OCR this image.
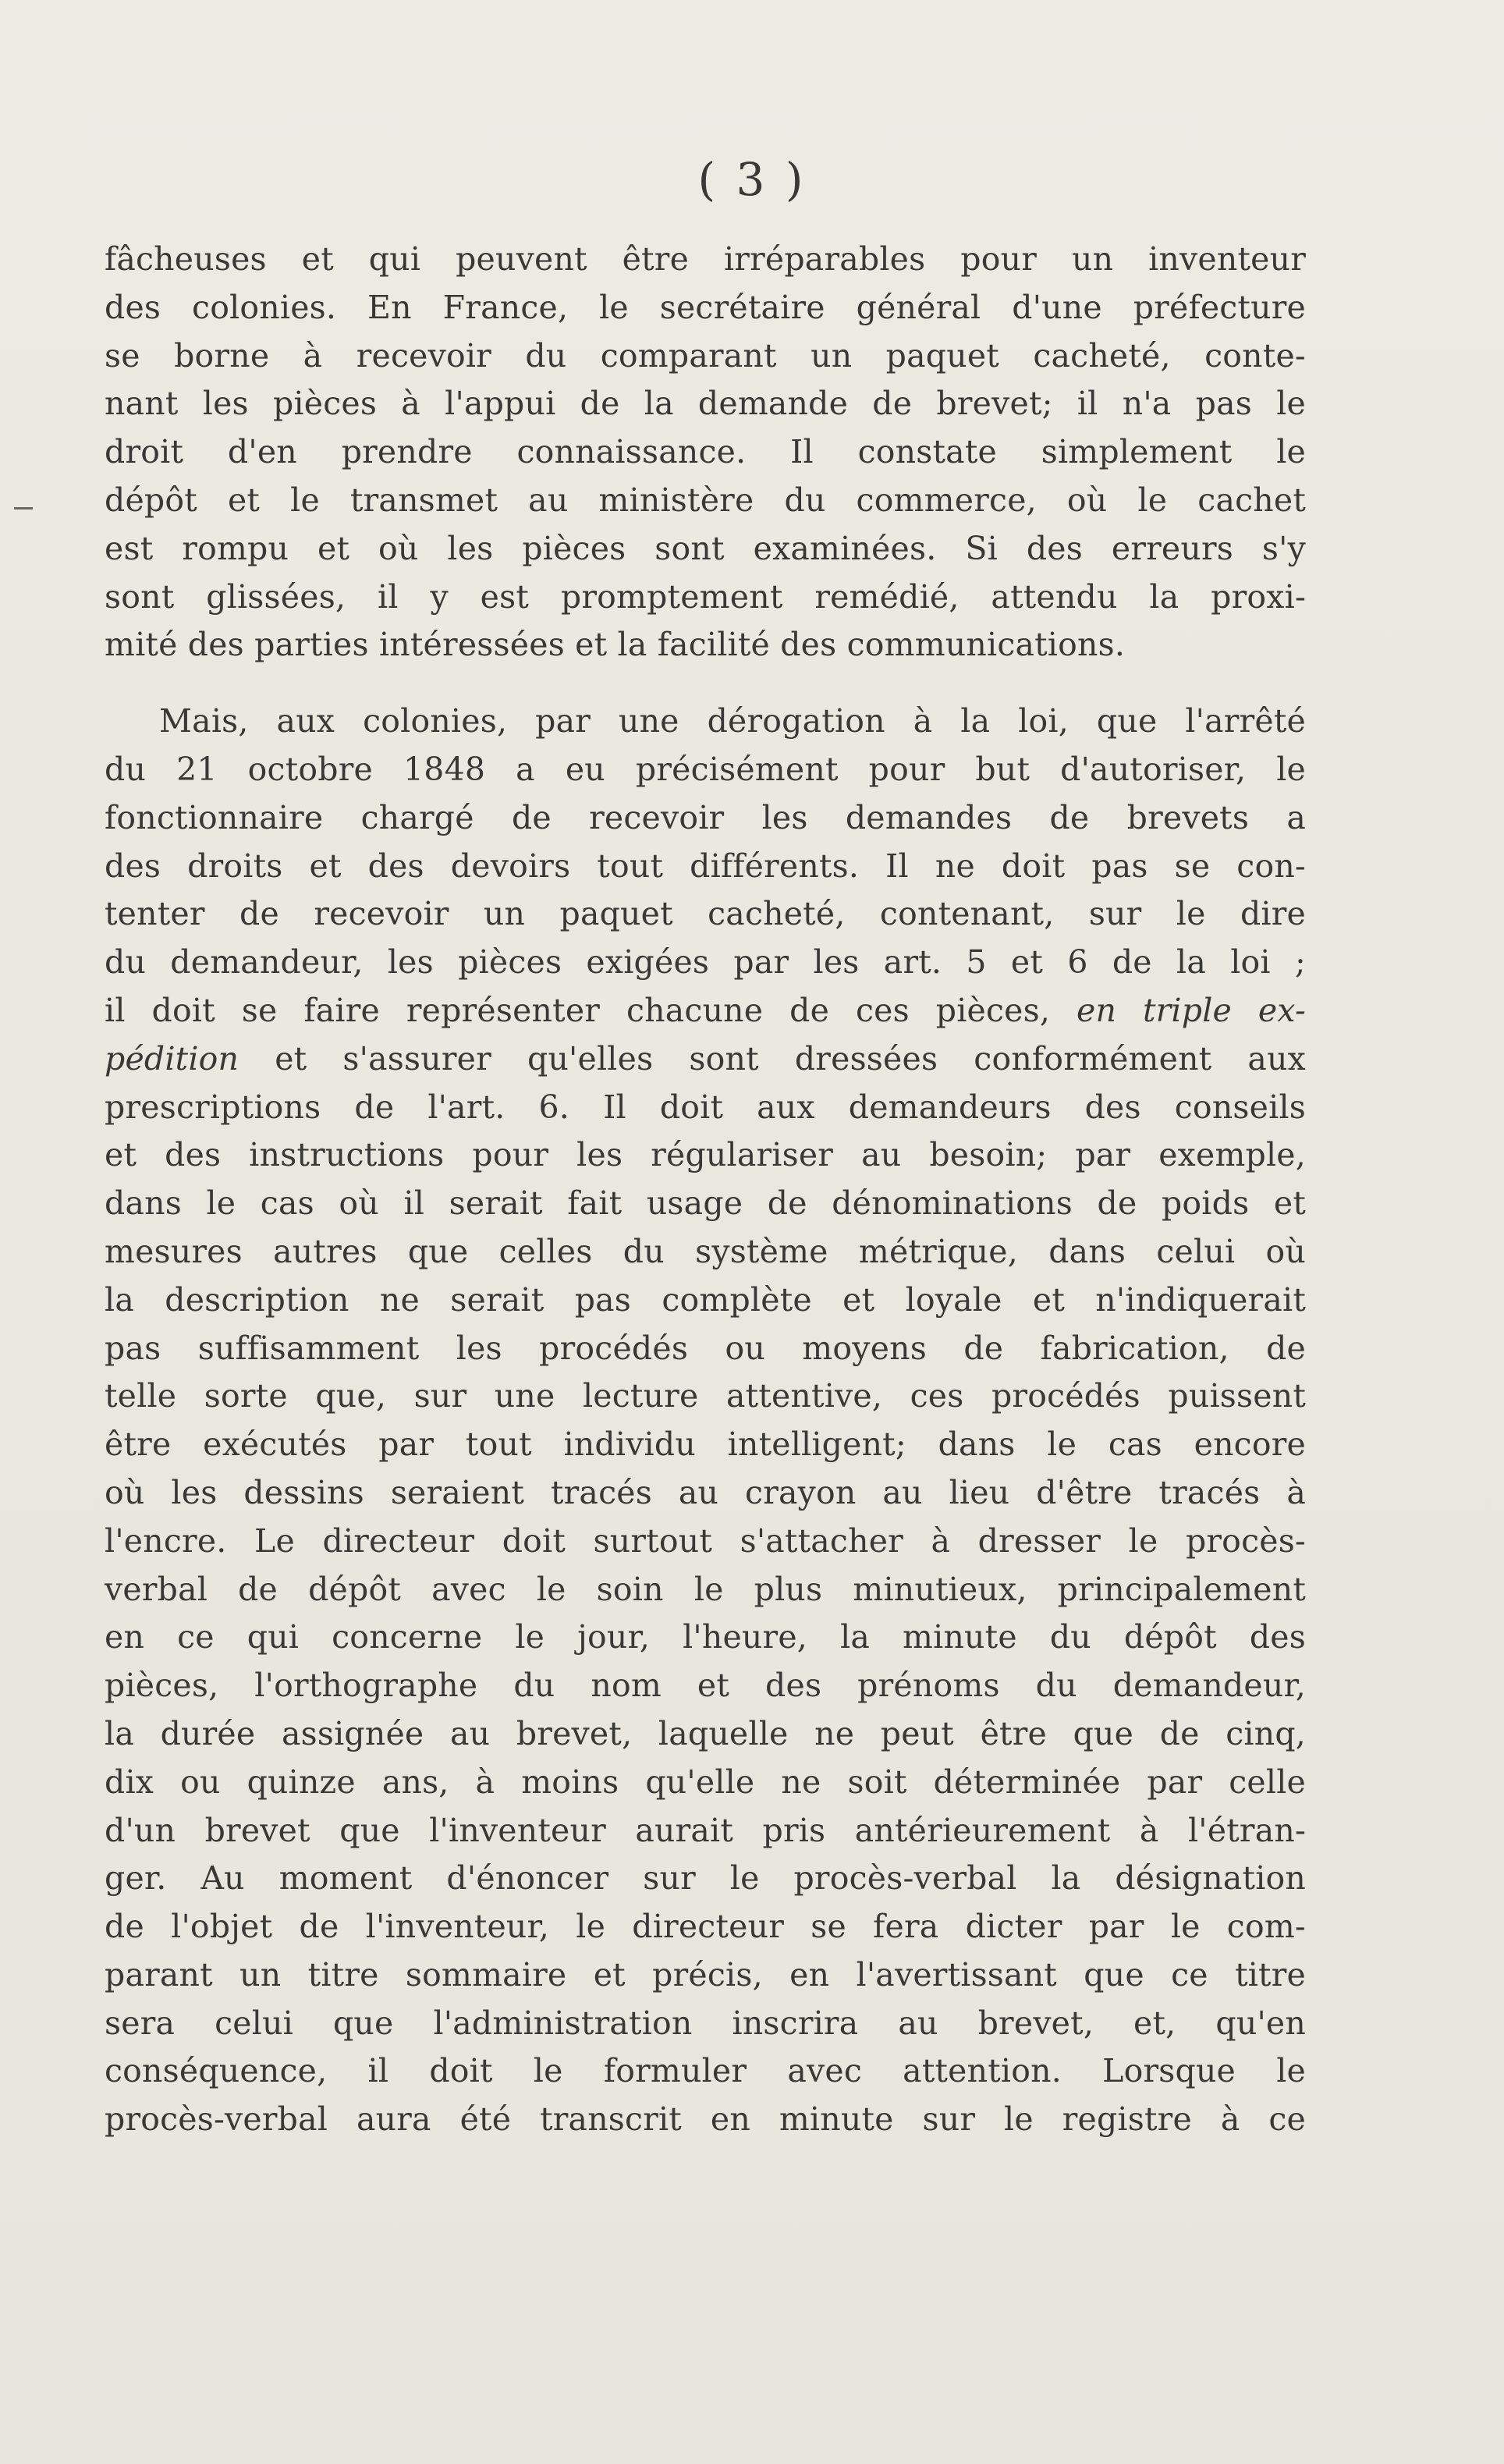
( 3 )
fâcheuses et qui peuvent être irréparables pour un inventeur
des colonies. En France, le secrétaire général d'une préfecture
se borne à recevoir du comparant un paquet cacheté, conte-
nant les pièces à l'appui de la demande de brevet; il n'a pas le
droit d'en prendre connaissance. Il constate simplement le
dépôt et le transmet au ministère du commerce, où le cachet
est rompu et où les pièces sont examinées. Si des erreurs s'y
sont glissées, il y est promptement remédié, attendu la proxi-
mité des parties intéressées et la facilité des communications.
Mais, aux colonies, par une dérogation à la loi, que l'arrêté
du 21 octobre 1848 a eu précisément pour but d'autoriser, le
fonctionnaire chargé de recevoir les demandes de brevets a
des droits et des devoirs tout différents. Il ne doit pas se con-
tenter de recevoir un paquet cacheté, contenant, sur le dire
du demandeur, les pièces exigées par les art. 5 et 6 de la loi ;
il doit se faire représenter chacune de ces pièces, en triple ex-
pédition et s'assurer qu'elles sont dressées conformément aux
prescriptions de l'art. 6. Il doit aux demandeurs des conseils
et des instructions pour les régulariser au besoin; par exemple,
dans le cas où il serait fait usage de dénominations de poids et
mesures autres que celles du système métrique, dans celui où
la description ne serait pas complète et loyale et n'indiquerait
pas suffisamment les procédés ou moyens de fabrication, de
telle sorte que, sur une lecture attentive, ces procédés puissent
être exécutés par tout individu intelligent; dans le cas encore
où les dessins seraient tracés au crayon au lieu d'être tracés à
l'encre. Le directeur doit surtout s'attacher à dresser le procès-
verbal de dépôt avec le soin le plus minutieux, principalement
en ce qui concerne le jour, l'heure, la minute du dépôt des
pièces, l'orthographe du nom et des prénoms du demandeur,
la durée assignée au brevet, laquelle ne peut être que de cinq,
dix ou quinze ans, à moins qu'elle ne soit déterminée par celle
d'un brevet que l'inventeur aurait pris antérieurement à l'étran-
ger. Au moment d'énoncer sur le procès-verbal la désignation
de l'objet de l'inventeur, le directeur se fera dicter par le com-
parant un titre sommaire et précis, en l'avertissant que ce titre
sera celui que l'administration inscrira au brevet, et, qu'en
conséquence, il doit le formuler avec attention. Lorsque le
procès-verbal aura été transcrit en minute sur le registre à ce
